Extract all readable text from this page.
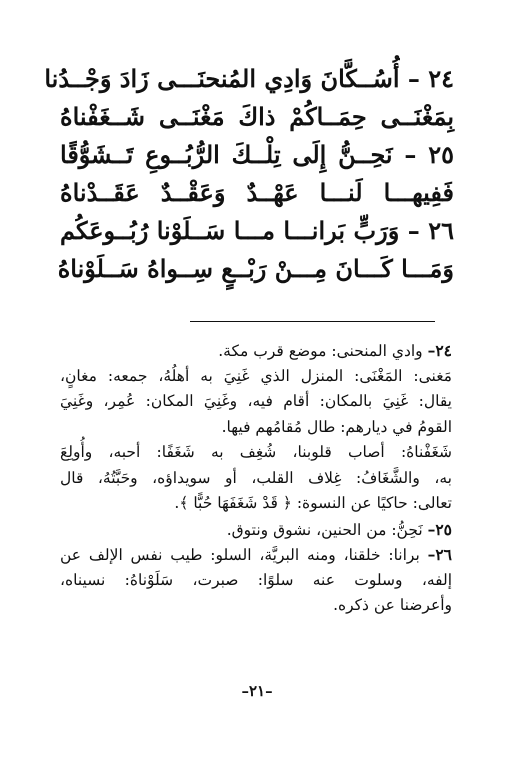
٢٤ – أُسُــكَّانَ وَادِي المُنحنَـــى زَادَ وَجْــدُنا
بِمَغْنَــى حِمَــاكُمْ ذاكَ مَغْنَــى شَــغَفْناهُ
٢٥ – نَحِــنُّ إِلَى تِلْــكَ الرُّبُــوعِ تَــشَوُّقًا
فَفِيهـــا لَنـــا عَهْــدٌ وَعَقْــدٌ عَقَــدْناهُ
٢٦ – وَرَبٍّ بَرانـــا مـــا سَــلَوْنا رُبُــوعَكُم
وَمَـــا كَـــانَ مِـــنْ رَبْــعٍ سِــواهُ سَــلَوْناهُ
٢٤– وادي المنحنى: موضع قرب مكة.
مَغنى: المَغْنَى: المنزل الذي غَنِيَ به أهلُهُ، جمعه: مغانٍ،
يقال: غَنِيَ بالمكان: أقام فيه، وغَنِيَ المكان: عُمِر، وغَنِيَ
القومُ في ديارهم: طال مُقامُهم فيها.
شَغَفْناهُ: أصاب قلوبنا، شُغِف به شَغَفًا: أحبه، وأُولِعَ
به، والشَّغَافُ: غِلاف القلب، أو سويداؤه، وحَبَّتُهُ، قال
تعالى: حاكيًا عن النسوة: ﴿ قَدْ شَغَفَهَا حُبًّا ﴾.
٢٥– نَحِنُّ: من الحنين، نشوق ونتوق.
٢٦– برانا: خلقنا، ومنه البريَّة، السلو: طيب نفس الإلف عن
إلفه، وسلوت عنه سلوًا: صبرت، سَلَوْناهُ: نسيناه،
وأعرضنا عن ذكره.
–٢١–
